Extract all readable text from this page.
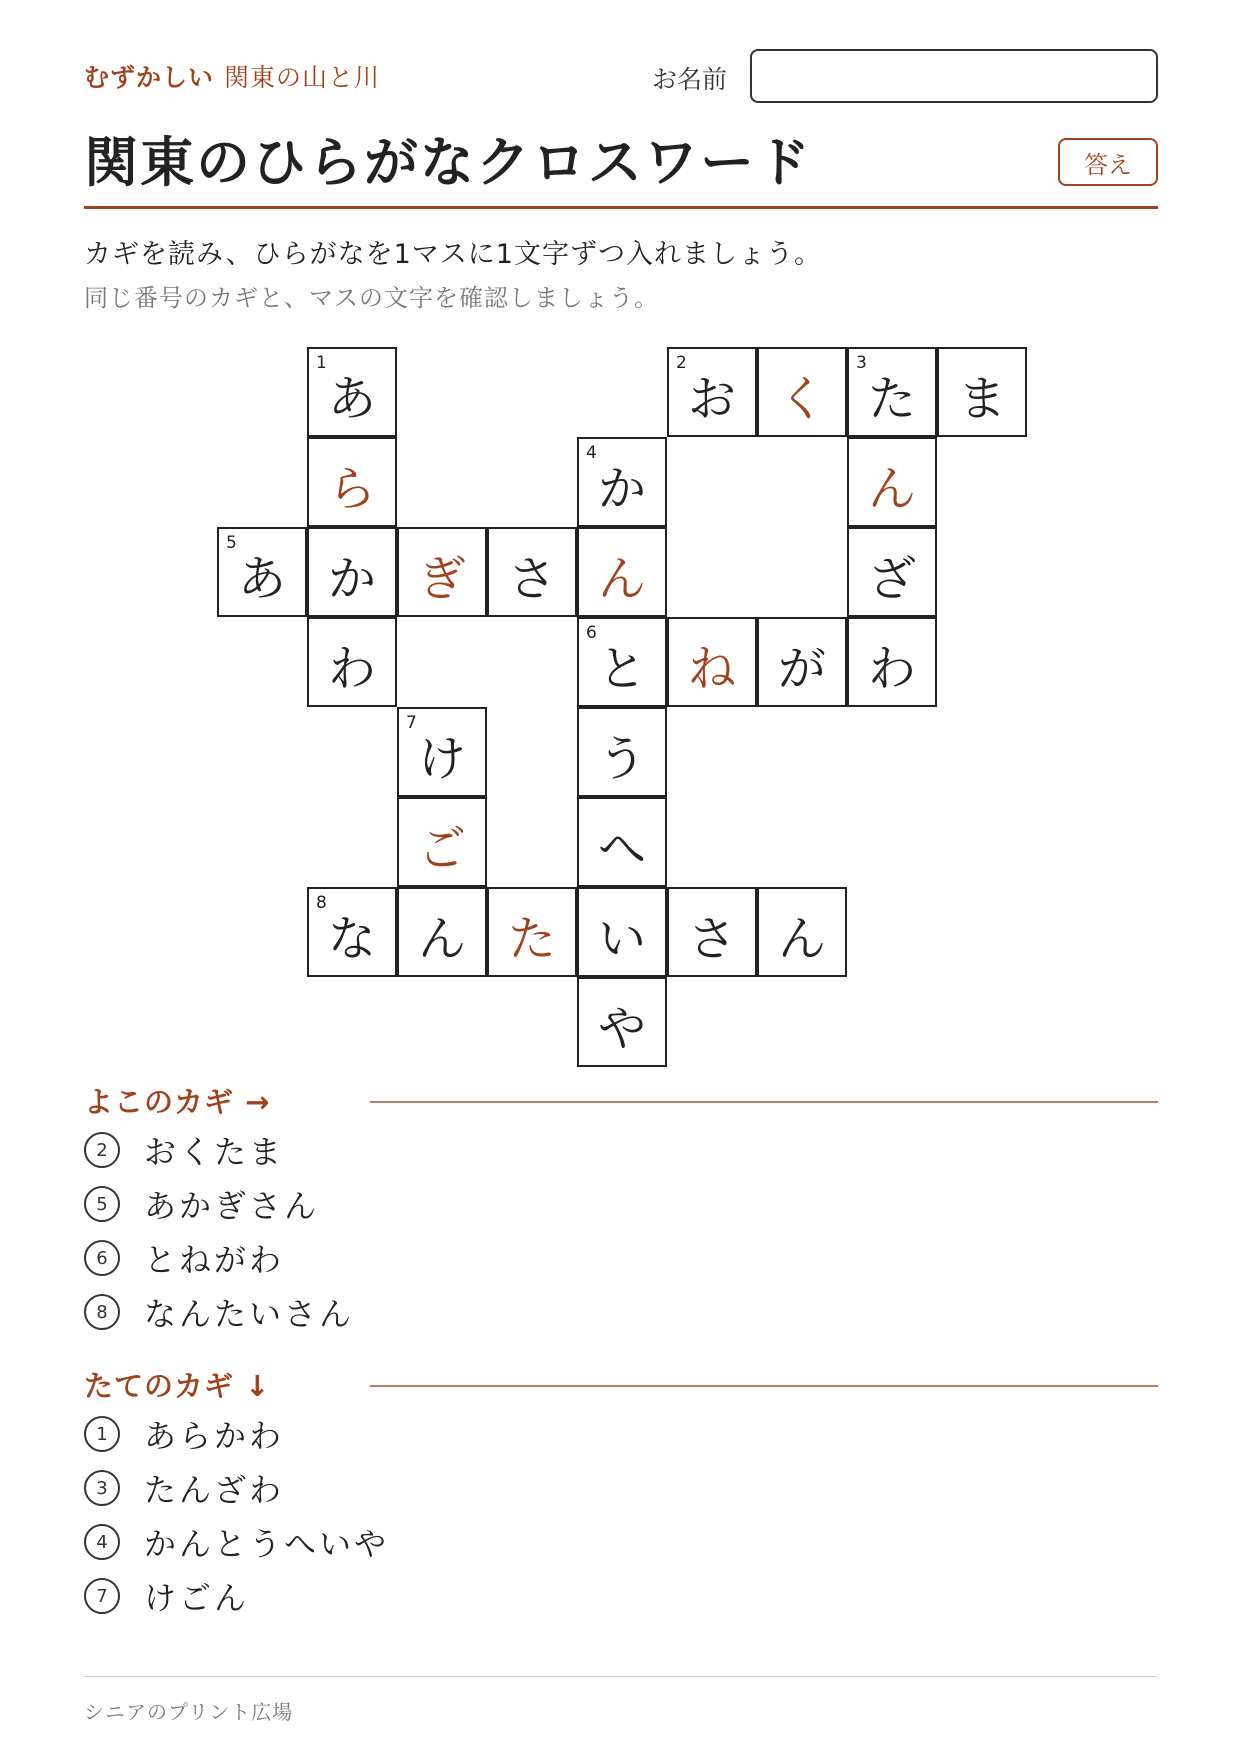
むずかしい 関東の山と川	お名前
関東のひらがなクロスワード	答え
カギを読み、ひらがなを1マスに1文字ずつ入れましょう。
同じ番号のカギと、マスの文字を確認しましょう。
1
あ
2
お く
3
た ま
ら
4
か	ん
5
あ か ぎ さ ん	ざ
わ
6
と ね が わ
7
け	う
ご	へ
8
な ん た い さ ん
や
よこのカギ →
2	おくたま
5	あかぎさん
6	とねがわ
8	なんたいさん
たてのカギ ↓
1	あらかわ
3	たんざわ
4	かんとうへいや
7	けごん
シニアのプリント広場
